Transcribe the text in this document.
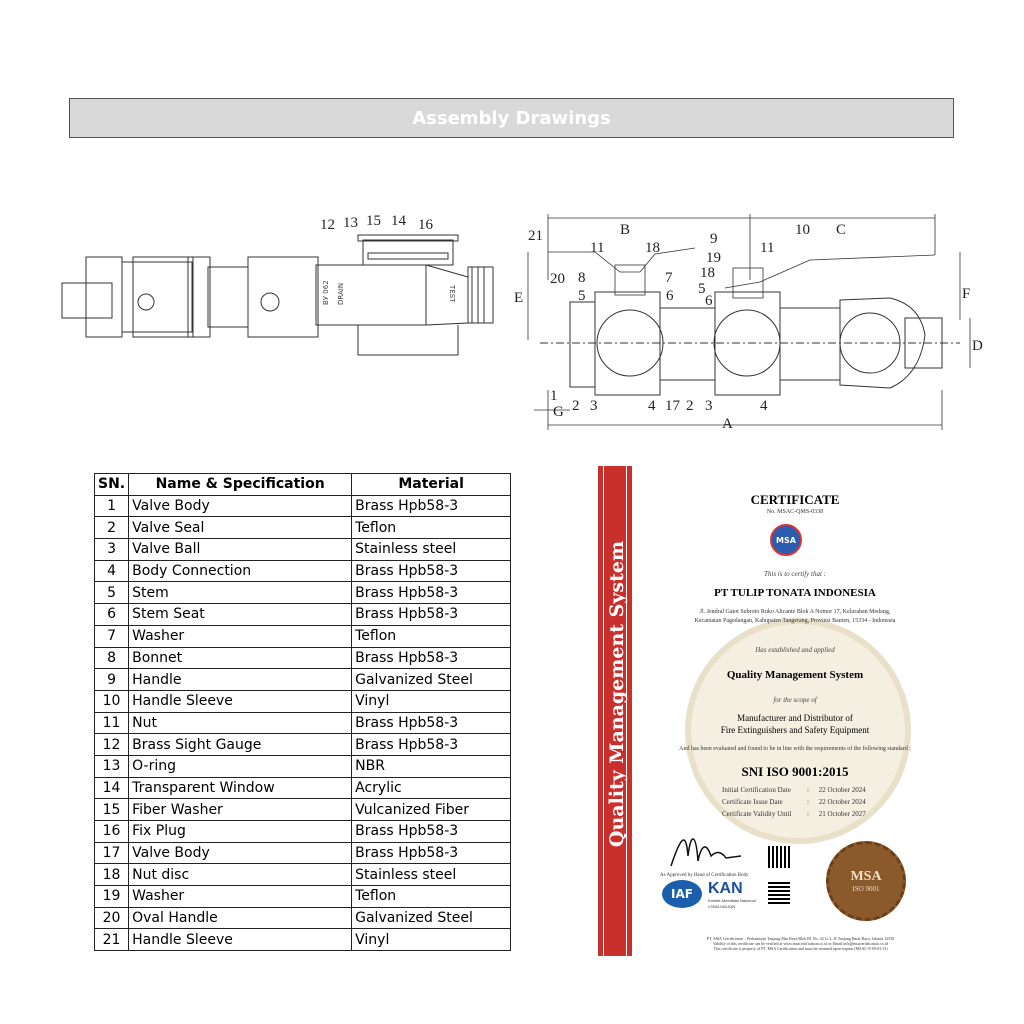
Assembly Drawings
12 13 15 14 16
ВУ 062 DRAIN	TEST
21	B
11	18
9
19
18
10 C
11
20 8	7
5	6 5
6
E	F
D
1
G 2 3	4 17 2 3	4
A
SN.	Name & Specification	Material
1	Valve Body	Brass Hpb58-3
2	Valve Seal	Teflon
3	Valve Ball	Stainless steel
4	Body Connection	Brass Hpb58-3
5	Stem	Brass Hpb58-3
6	Stem Seat	Brass Hpb58-3
7	Washer	Teflon
8	Bonnet	Brass Hpb58-3
9	Handle	Galvanized Steel
10	Handle Sleeve	Vinyl
11	Nut	Brass Hpb58-3
12	Brass Sight Gauge	Brass Hpb58-3
13	O-ring	NBR
14	Transparent Window	Acrylic
15	Fiber Washer	Vulcanized Fiber
16	Fix Plug	Brass Hpb58-3
17	Valve Body	Brass Hpb58-3
18	Nut disc	Stainless steel
19	Washer	Teflon
20	Oval Handle	Galvanized Steel
21	Handle Sleeve	Vinyl
Quality Management System
CERTIFICATE
No. MSAC-QMS-0338
MSA
This is to certify that :
PT TULIP TONATA INDONESIA
Jl. Jendral Gatot Subroto Ruko Alicante Blok A Nomor 17, Kelurahan Medang,
Kecamatan Pagedangan, Kabupaten Tangerang, Provinsi Banten, 15334 - Indonesia
Has established and applied
Quality Management System
for the scope of
Manufacturer and Distributor of
Fire Extinguishers and Safety Equipment
And has been evaluated and found to be in line with the requirements of the following standard :
SNI ISO 9001:2015
Initial Certification Date : 22 October 2024
Certificate Issue Date	: 22 October 2024
Certificate Validity Until : 21 October 2027
As Approved by Head of Certification Body
IAF KAN
Komite Akreditasi Nasional
LSSM-083-IDN
MSA
ISO 9001
PT. MSA Certification – Perkantoran Tanjung Mas Raya Blok B1 No. 44 Lt.3, Jl. Tanjung Barat Raya, Jakarta 12530
Validity of this certificate can be verified at www.msacertification.co.id or Email info@msacertification.co.id
This certificate is property of PT. MSA Certification and must be returned upon request (MSAC-F-09-03.13)
